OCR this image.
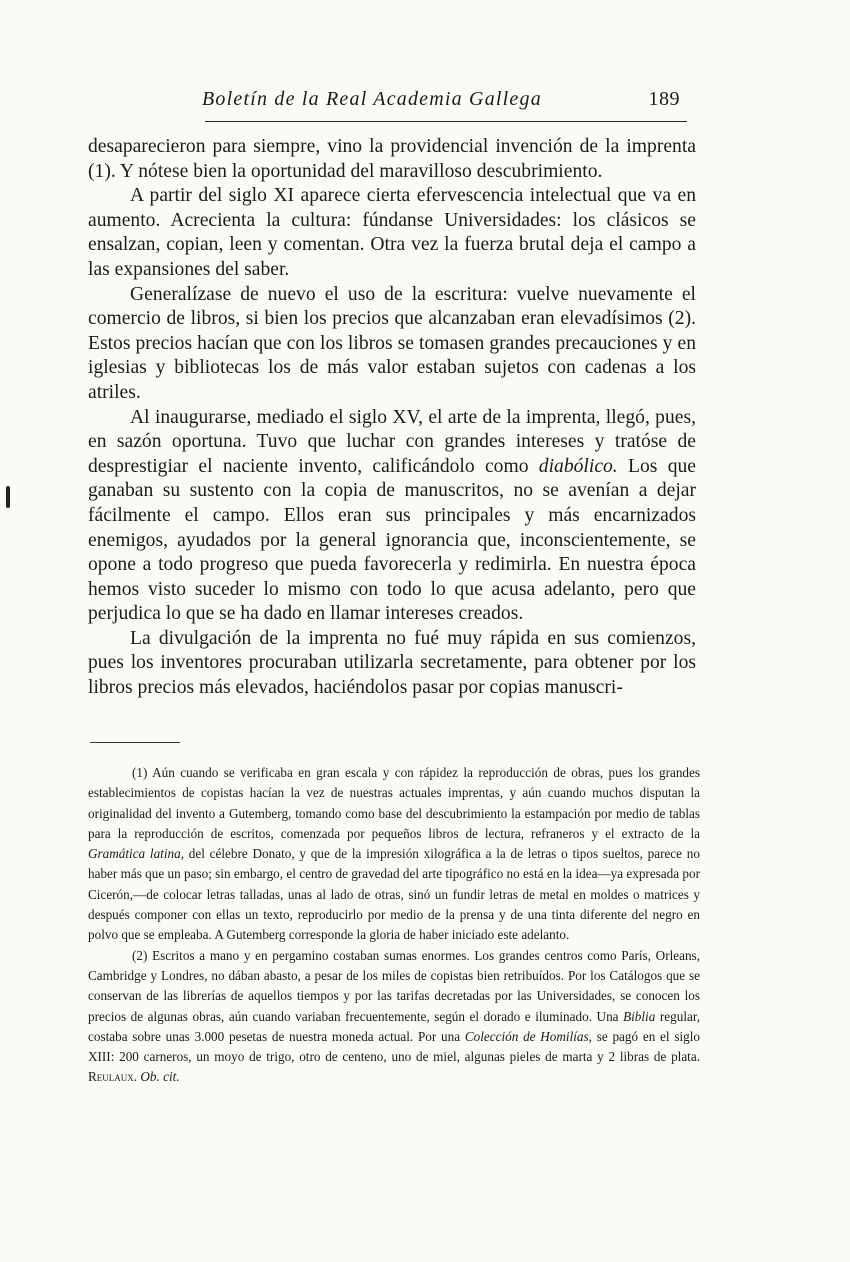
Boletín de la Real Academia Gallega	189

desaparecieron para siempre, vino la providencial invención de la imprenta (1). Y nótese bien la oportunidad del maravilloso descubrimiento.

A partir del siglo XI aparece cierta efervescencia intelectual que va en aumento. Acrecienta la cultura: fúndanse Universidades: los clásicos se ensalzan, copian, leen y comentan. Otra vez la fuerza brutal deja el campo a las expansiones del saber.

Generalízase de nuevo el uso de la escritura: vuelve nuevamente el comercio de libros, si bien los precios que alcanzaban eran elevadísimos (2). Estos precios hacían que con los libros se tomasen grandes precauciones y en iglesias y bibliotecas los de más valor estaban sujetos con cadenas a los atriles.

Al inaugurarse, mediado el siglo XV, el arte de la imprenta, llegó, pues, en sazón oportuna. Tuvo que luchar con grandes intereses y tratóse de desprestigiar el naciente invento, calificándolo como diabólico. Los que ganaban su sustento con la copia de manuscritos, no se avenían a dejar fácilmente el campo. Ellos eran sus principales y más encarnizados enemigos, ayudados por la general ignorancia que, inconscientemente, se opone a todo progreso que pueda favorecerla y redimirla. En nuestra época hemos visto suceder lo mismo con todo lo que acusa adelanto, pero que perjudica lo que se ha dado en llamar intereses creados.

La divulgación de la imprenta no fué muy rápida en sus comienzos, pues los inventores procuraban utilizarla secretamente, para obtener por los libros precios más elevados, haciéndolos pasar por copias manuscri-

(1) Aún cuando se verificaba en gran escala y con rápidez la reproducción de obras, pues los grandes establecimientos de copistas hacían la vez de nuestras actuales imprentas, y aún cuando muchos disputan la originalidad del invento a Gutemberg, tomando como base del descubrimiento la estampación por medio de tablas para la reproducción de escritos, comenzada por pequeños libros de lectura, refraneros y el extracto de la Gramática latina, del célebre Donato, y que de la impresión xilográfica a la de letras o tipos sueltos, parece no haber más que un paso; sin embargo, el centro de gravedad del arte tipográfico no está en la idea—ya expresada por Cicerón,—de colocar letras talladas, unas al lado de otras, sinó un fundir letras de metal en moldes o matrices y después componer con ellas un texto, reproducirlo por medio de la prensa y de una tinta diferente del negro en polvo que se empleaba. A Gutemberg corresponde la gloria de haber iniciado este adelanto.

(2) Escritos a mano y en pergamino costaban sumas enormes. Los grandes centros como París, Orleans, Cambridge y Londres, no dában abasto, a pesar de los miles de copistas bien retribuídos. Por los Catálogos que se conservan de las librerías de aquellos tiempos y por las tarifas decretadas por las Universidades, se conocen los precios de algunas obras, aún cuando variaban frecuentemente, según el dorado e iluminado. Una Biblia regular, costaba sobre unas 3.000 pesetas de nuestra moneda actual. Por una Colección de Homilías, se pagó en el siglo XIII: 200 carneros, un moyo de trigo, otro de centeno, uno de miel, algunas pieles de marta y 2 libras de plata. Reulaux. Ob. cit.
